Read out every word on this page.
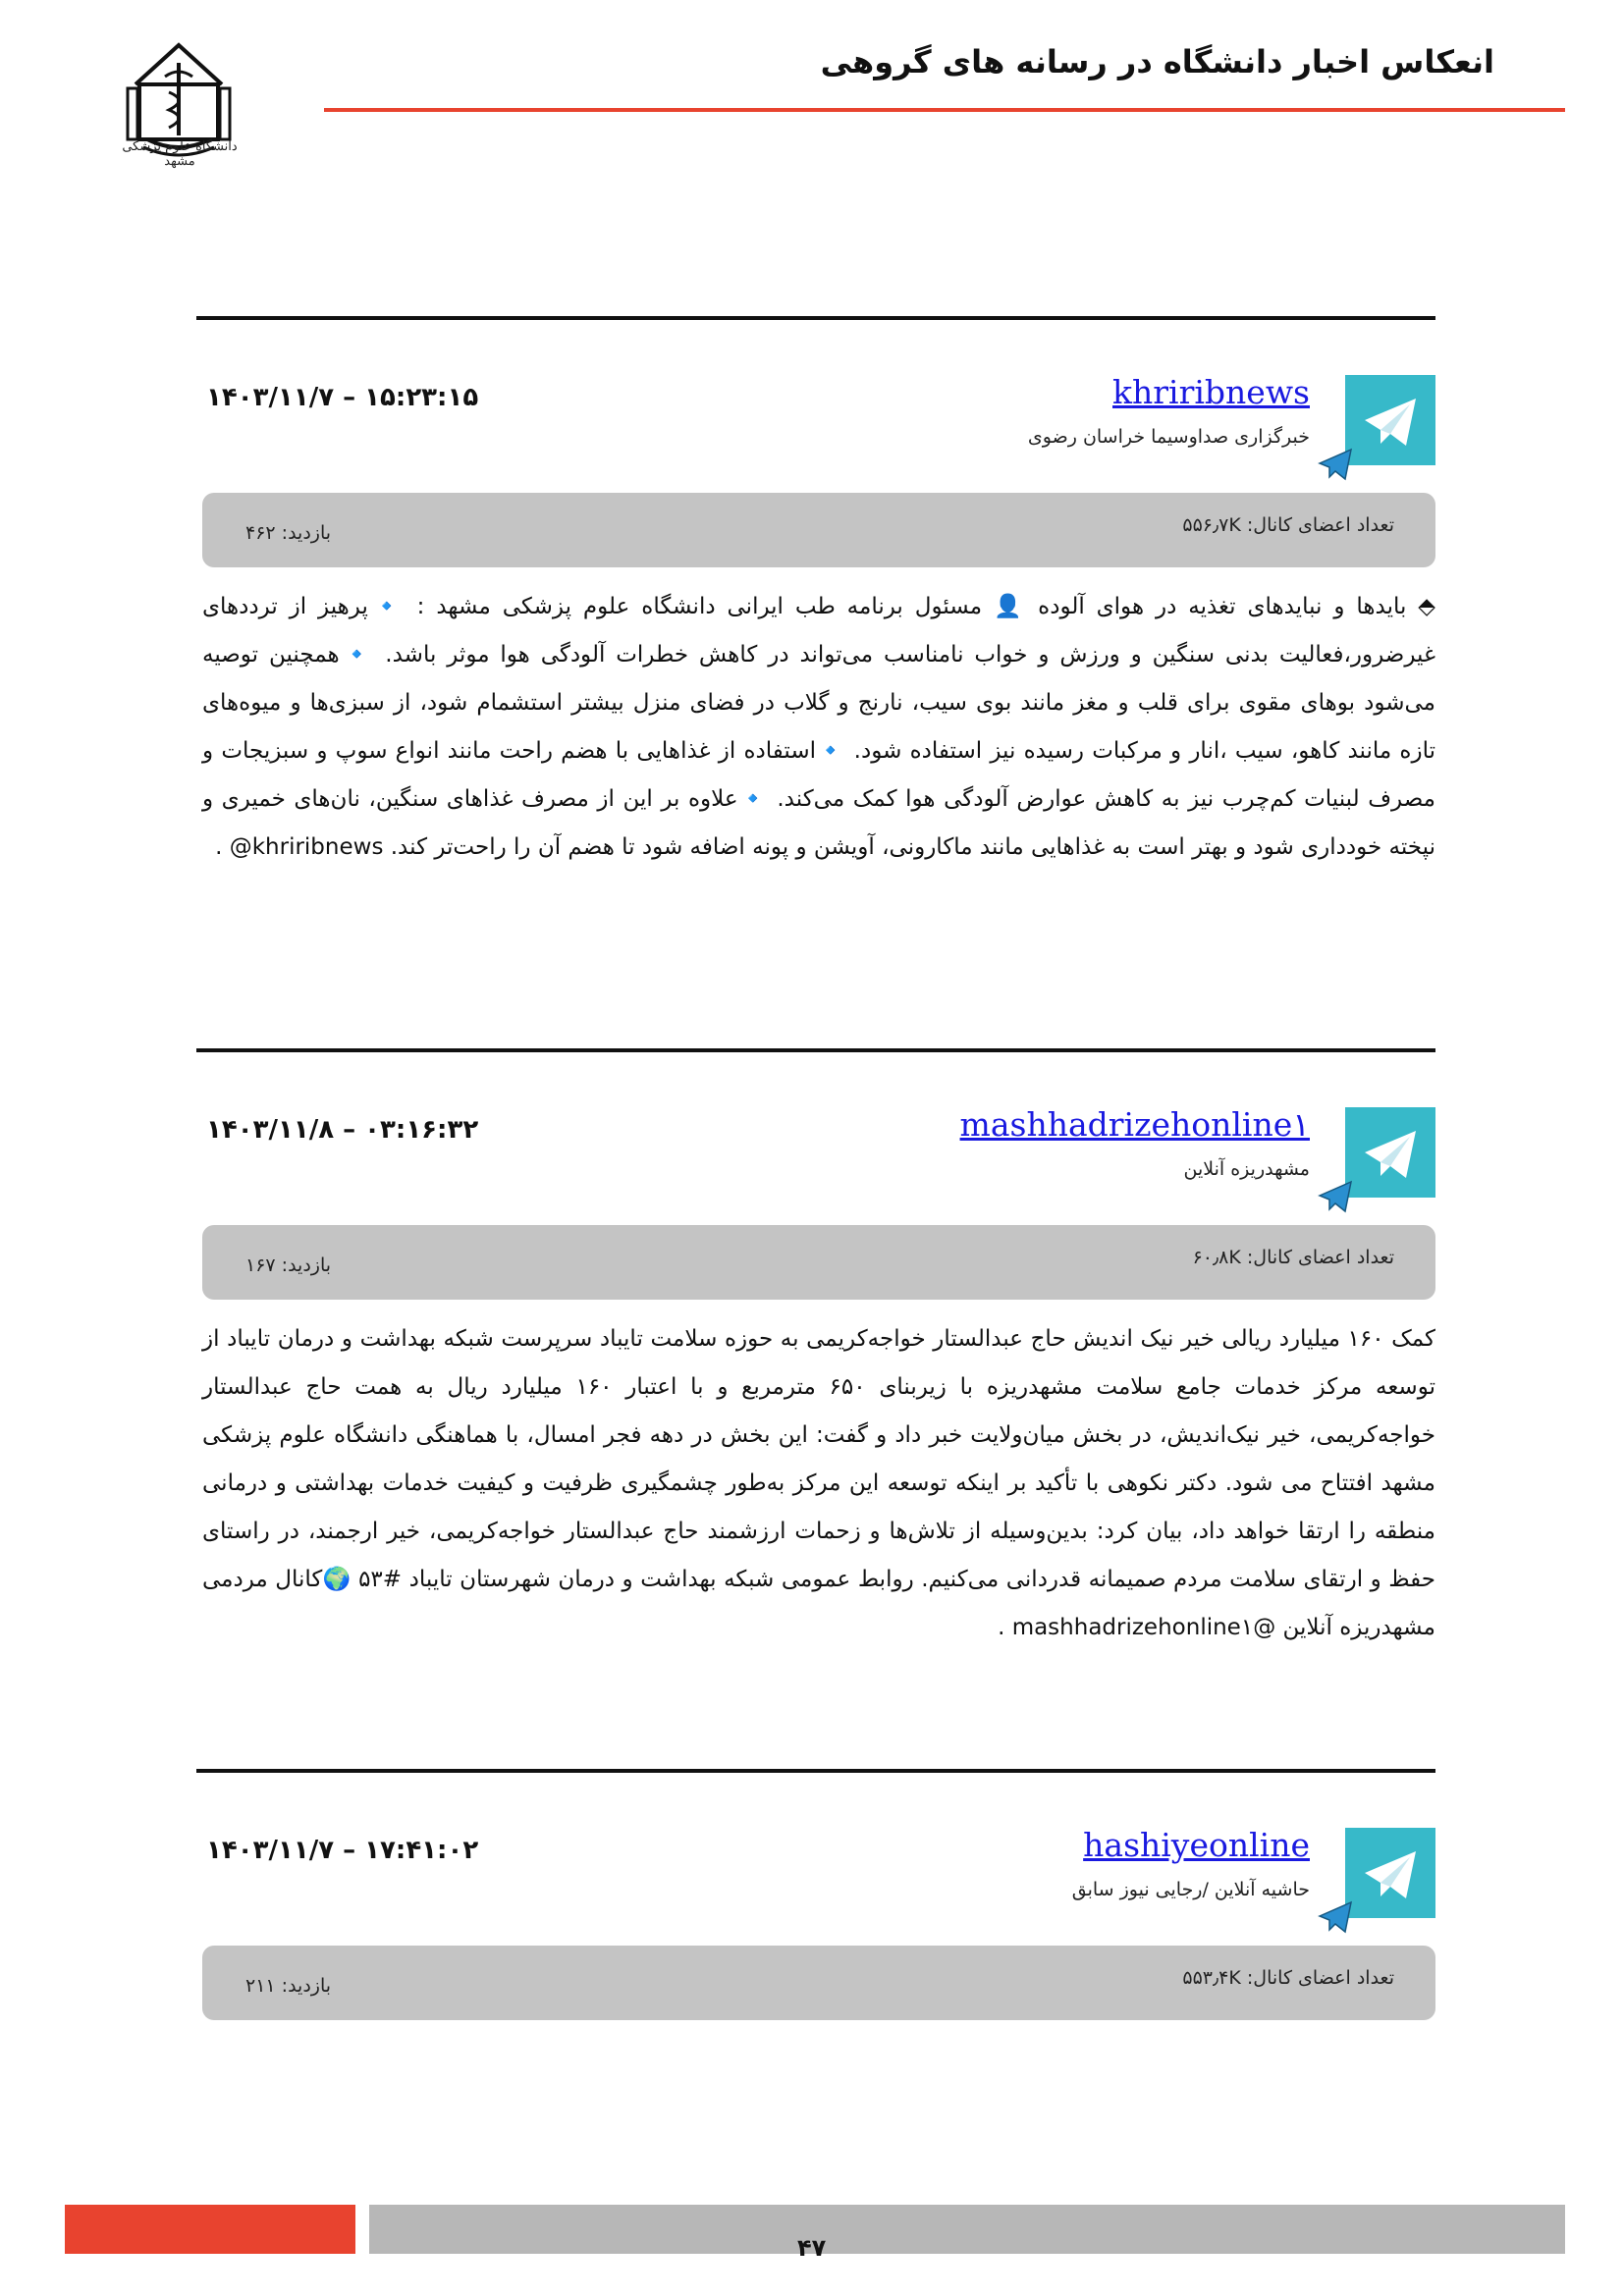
دانشگاه علوم پزشکی مشهد
انعکاس اخبار دانشگاه در رسانه های گروهی
khriribnews
خبرگزاری صداوسیما خراسان رضوی
۱۴۰۳/۱۱/۷ – ۱۵:۲۳:۱۵
تعداد اعضای کانال: ۵۵۶٫۷K
بازدید: ۴۶۲
⬘ بایدها و نبایدهای تغذیه در هوای آلوده 👤 مسئول برنامه طب ایرانی دانشگاه علوم پزشکی مشهد : 🔹پرهیز از ترددهای غیرضرور،فعالیت بدنی سنگین و ورزش و خواب نامناسب می‌تواند در کاهش خطرات آلودگی هوا موثر باشد. 🔹همچنین توصیه می‌شود بوهای مقوی برای قلب و مغز مانند بوی سیب، نارنج و گلاب در فضای منزل بیشتر استشمام شود، از سبزی‌ها و میوه‌های تازه مانند کاهو، سیب ،انار و مرکبات رسیده نیز استفاده شود. 🔹استفاده از غذاهایی با هضم راحت مانند انواع سوپ و سبزیجات و مصرف لبنیات کم‌چرب نیز به کاهش عوارض آلودگی هوا کمک می‌کند. 🔹علاوه بر این از مصرف غذاهای سنگین، نان‌های خمیری و نپخته خودداری شود و بهتر است به غذاهایی مانند ماکارونی، آویشن و پونه اضافه شود تا هضم آن را راحت‌تر کند. khriribnews@ .
mashhadrizehonline۱
مشهدریزه آنلاین
۱۴۰۳/۱۱/۸ – ۰۳:۱۶:۳۲
تعداد اعضای کانال: ۶۰٫۸K
بازدید: ۱۶۷
کمک ۱۶۰ میلیارد ریالی خیر نیک اندیش حاج عبدالستار خواجه‌کریمی به حوزه سلامت تایباد سرپرست شبکه بهداشت و درمان تایباد از توسعه مرکز خدمات جامع سلامت مشهدریزه با زیربنای ۶۵۰ مترمربع و با اعتبار ۱۶۰ میلیارد ریال به همت حاج عبدالستار خواجه‌کریمی، خیر نیک‌اندیش، در بخش میان‌ولایت خبر داد و گفت: این بخش در دهه فجر امسال، با هماهنگی دانشگاه علوم پزشکی مشهد افتتاح می شود. دکتر نکوهی با تأکید بر اینکه توسعه این مرکز به‌طور چشمگیری ظرفیت و کیفیت خدمات بهداشتی و درمانی منطقه را ارتقا خواهد داد، بیان کرد: بدین‌وسیله از تلاش‌ها و زحمات ارزشمند حاج عبدالستار خواجه‌کریمی، خیر ارجمند، در راستای حفظ و ارتقای سلامت مردم صمیمانه قدردانی می‌کنیم. روابط عمومی شبکه بهداشت و درمان شهرستان تایباد #۵۳ 🌍کانال مردمی مشهدریزه آنلاین @mashhadrizehonline۱ .
hashiyeonline
حاشیه آنلاین /رجایی نیوز سابق
۱۴۰۳/۱۱/۷ – ۱۷:۴۱:۰۲
تعداد اعضای کانال: ۵۵۳٫۴K
بازدید: ۲۱۱
۴۷
